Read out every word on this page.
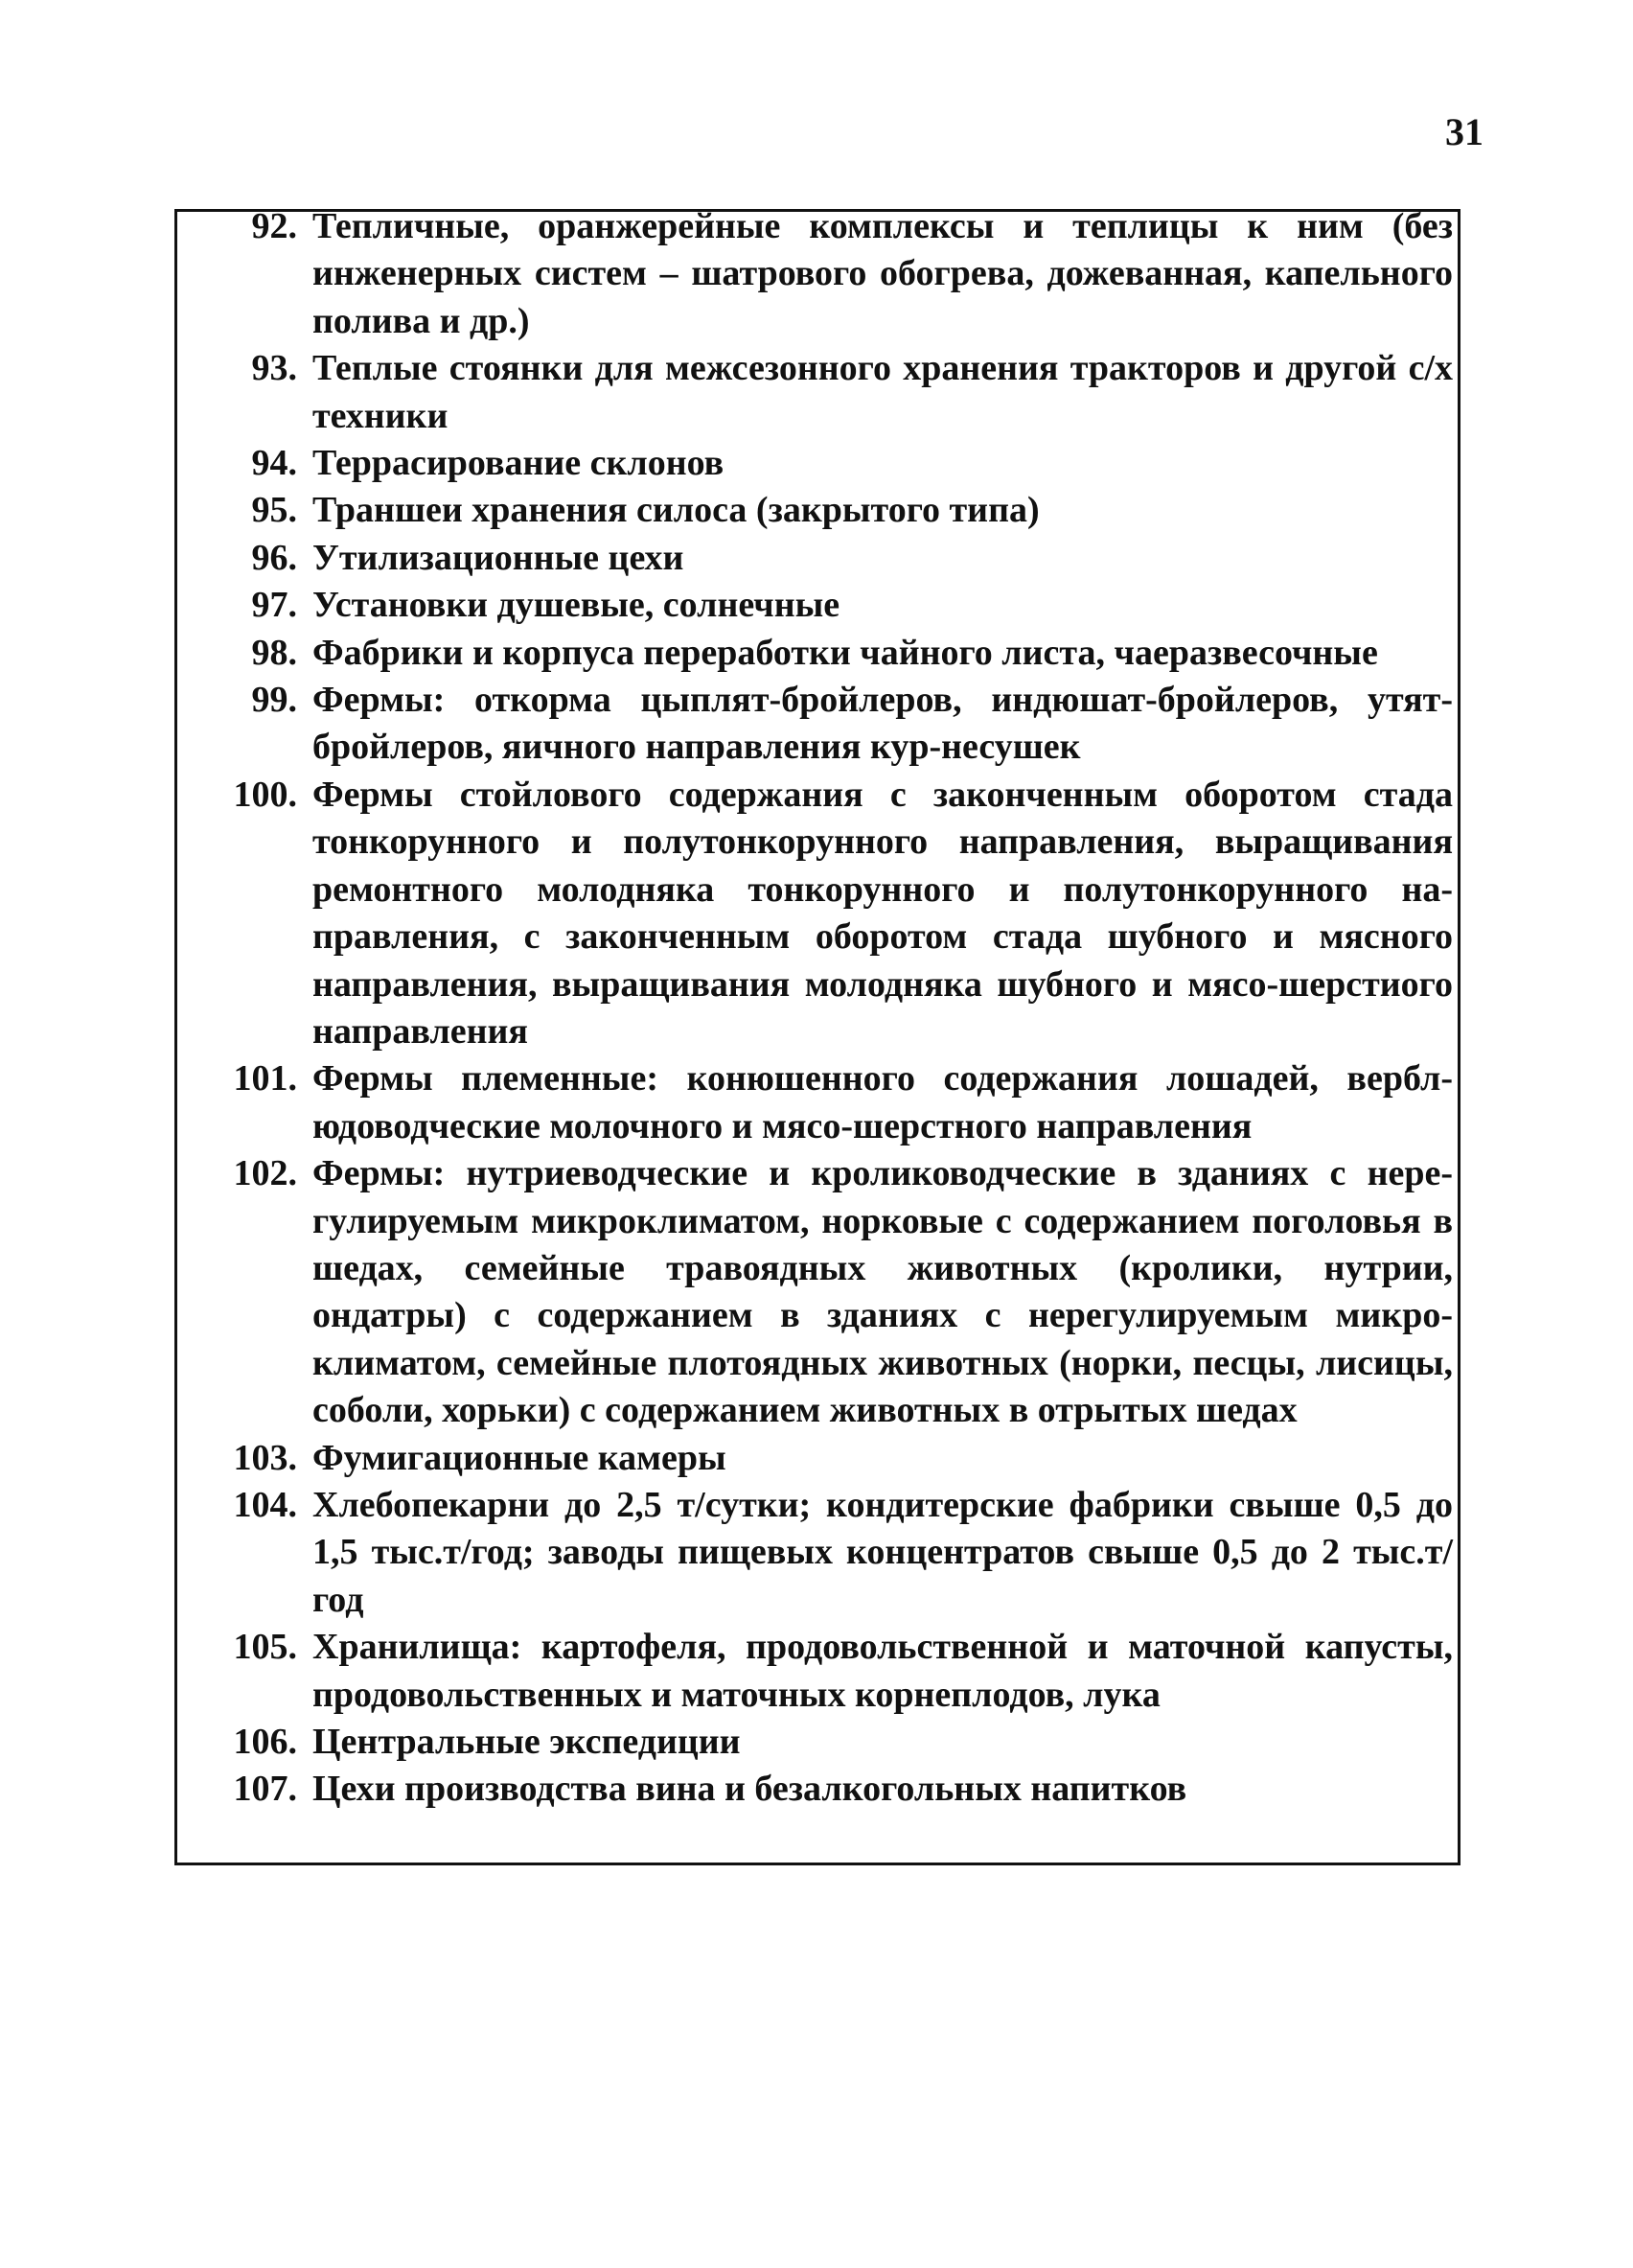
31
92. Тепличные, оранжерейные комплексы и теплицы к ним (без инженерных систем – шатрового обогрева, дожеванная, капельного полива и др.)
93. Теплые стоянки для межсезонного хранения тракторов и другой с/х техники
94. Террасирование склонов
95. Траншеи хранения силоса (закрытого типа)
96. Утилизационные цехи
97. Установки душевые, солнечные
98. Фабрики и корпуса переработки чайного листа, чаеразвесочные
99. Фермы: откорма цыплят-бройлеров, индюшат-бройлеров, утят-бройлеров, яичного направления кур-несушек
100. Фермы стойлового содержания с законченным оборотом стада тонкорунного и полутонкорунного направления, выращивания ремонтного молодняка тонкорунного и полутонкорунного направления, с законченным оборотом стада шубного и мясного направления, выращивания молодняка шубного и мясо-шерстиого направления
101. Фермы племенные: конюшенного содержания лошадей, верблюдоводческие молочного и мясо-шерстного направления
102. Фермы: нутриеводческие и кролиководческие в зданиях с нерегулируемым микроклиматом, норковые с содержанием поголовья в шедах, семейные травоядных животных (кролики, нутрии, ондатры) с содержанием в зданиях с нерегулируемым микроклиматом, семейные плотоядных животных (норки, песцы, лисицы, соболи, хорьки) с содержанием животных в отрытых шедах
103. Фумигационные камеры
104. Хлебопекарни до 2,5 т/сутки; кондитерские фабрики свыше 0,5 до 1,5 тыс.т/год; заводы пищевых концентратов свыше 0,5 до 2 тыс.т/год
105. Хранилища: картофеля, продовольственной и маточной капусты, продовольственных и маточных корнеплодов, лука
106. Центральные экспедиции
107. Цехи производства вина и безалкогольных напитков
